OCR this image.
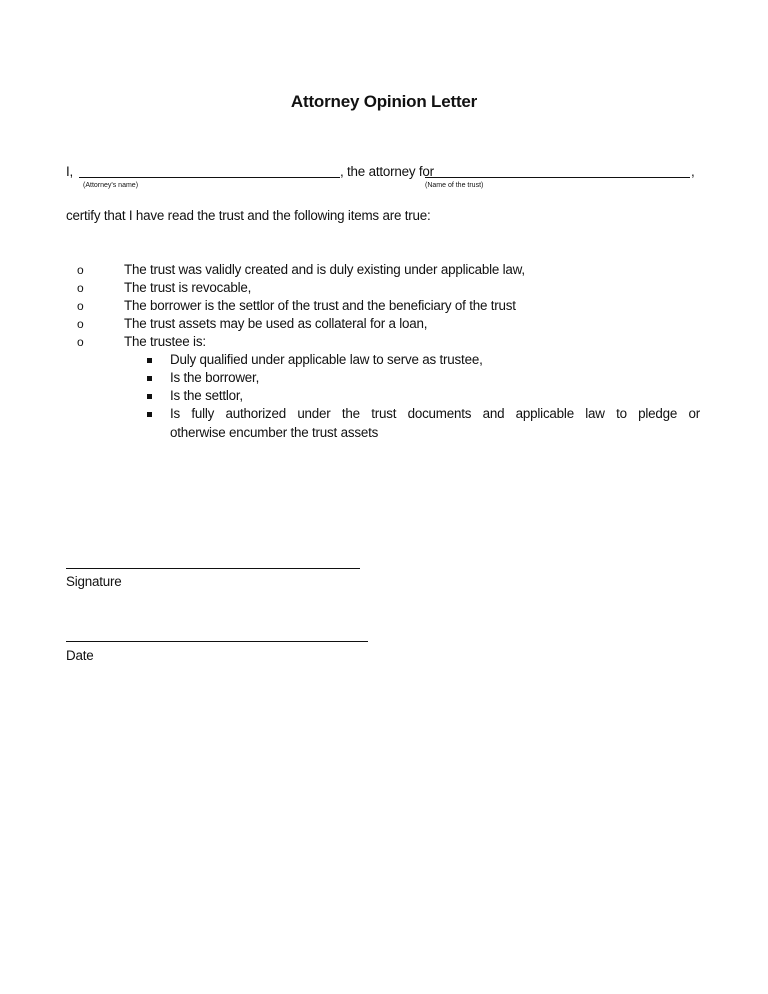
Attorney Opinion Letter
I,	, the attorney for	,
(Attorney's name)	(Name of the trust)
certify that I have read the trust and the following items are true:
o	The trust was validly created and is duly existing under applicable law,
o	The trust is revocable,
o	The borrower is the settlor of the trust and the beneficiary of the trust
o	The trust assets may be used as collateral for a loan,
o	The trustee is:
Duly qualified under applicable law to serve as trustee,
Is the borrower,
Is the settlor,
Is fully authorized under the trust documents and applicable law to pledge or
otherwise encumber the trust assets
Signature
Date
